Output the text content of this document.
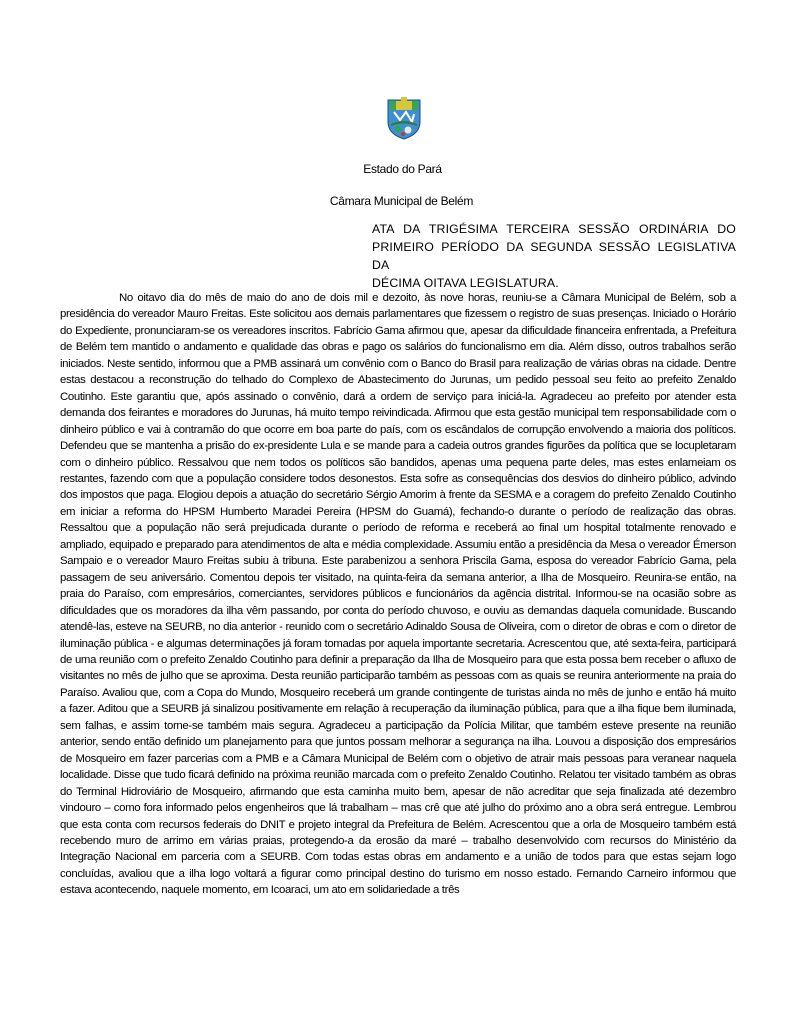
Estado do Pará
Câmara Municipal de Belém
ATA DA TRIGÉSIMA TERCEIRA SESSÃO ORDINÁRIA DO
PRIMEIRO PERÍODO DA SEGUNDA SESSÃO LEGISLATIVA DA
DÉCIMA OITAVA LEGISLATURA.

No oitavo dia do mês de maio do ano de dois mil e dezoito, às nove horas, reuniu-se a Câmara Municipal de Belém, sob a presidência do vereador Mauro Freitas. Este solicitou aos demais parlamentares que fizessem o registro de suas presenças. Iniciado o Horário do Expediente, pronunciaram-se os vereadores inscritos. Fabrício Gama afirmou que, apesar da dificuldade financeira enfrentada, a Prefeitura de Belém tem mantido o andamento e qualidade das obras e pago os salários do funcionalismo em dia. Além disso, outros trabalhos serão iniciados. Neste sentido, informou que a PMB assinará um convênio com o Banco do Brasil para realização de várias obras na cidade. Dentre estas destacou a reconstrução do telhado do Complexo de Abastecimento do Jurunas, um pedido pessoal seu feito ao prefeito Zenaldo Coutinho. Este garantiu que, após assinado o convênio, dará a ordem de serviço para iniciá-la. Agradeceu ao prefeito por atender esta demanda dos feirantes e moradores do Jurunas, há muito tempo reivindicada. Afirmou que esta gestão municipal tem responsabilidade com o dinheiro público e vai à contramão do que ocorre em boa parte do país, com os escândalos de corrupção envolvendo a maioria dos políticos. Defendeu que se mantenha a prisão do ex-presidente Lula e se mande para a cadeia outros grandes figurões da política que se locupletaram com o dinheiro público. Ressalvou que nem todos os políticos são bandidos, apenas uma pequena parte deles, mas estes enlameiam os restantes, fazendo com que a população considere todos desonestos. Esta sofre as consequências dos desvios do dinheiro público, advindo dos impostos que paga. Elogiou depois a atuação do secretário Sérgio Amorim à frente da SESMA e a coragem do prefeito Zenaldo Coutinho em iniciar a reforma do HPSM Humberto Maradei Pereira (HPSM do Guamá), fechando-o durante o período de realização das obras. Ressaltou que a população não será prejudicada durante o período de reforma e receberá ao final um hospital totalmente renovado e ampliado, equipado e preparado para atendimentos de alta e média complexidade. Assumiu então a presidência da Mesa o vereador Émerson Sampaio e o vereador Mauro Freitas subiu à tribuna. Este parabenizou a senhora Priscila Gama, esposa do vereador Fabrício Gama, pela passagem de seu aniversário. Comentou depois ter visitado, na quinta-feira da semana anterior, a Ilha de Mosqueiro. Reunira-se então, na praia do Paraíso, com empresários, comerciantes, servidores públicos e funcionários da agência distrital. Informou-se na ocasião sobre as dificuldades que os moradores da ilha vêm passando, por conta do período chuvoso, e ouviu as demandas daquela comunidade. Buscando atendê-las, esteve na SEURB, no dia anterior - reunido com o secretário Adinaldo Sousa de Oliveira, com o diretor de obras e com o diretor de iluminação pública - e algumas determinações já foram tomadas por aquela importante secretaria. Acrescentou que, até sexta-feira, participará de uma reunião com o prefeito Zenaldo Coutinho para definir a preparação da Ilha de Mosqueiro para que esta possa bem receber o afluxo de visitantes no mês de julho que se aproxima. Desta reunião participarão também as pessoas com as quais se reunira anteriormente na praia do Paraíso. Avaliou que, com a Copa do Mundo, Mosqueiro receberá um grande contingente de turistas ainda no mês de junho e então há muito a fazer. Aditou que a SEURB já sinalizou positivamente em relação à recuperação da iluminação pública, para que a ilha fique bem iluminada, sem falhas, e assim torne-se também mais segura. Agradeceu a participação da Polícia Militar, que também esteve presente na reunião anterior, sendo então definido um planejamento para que juntos possam melhorar a segurança na ilha. Louvou a disposição dos empresários de Mosqueiro em fazer parcerias com a PMB e a Câmara Municipal de Belém com o objetivo de atrair mais pessoas para veranear naquela localidade. Disse que tudo ficará definido na próxima reunião marcada com o prefeito Zenaldo Coutinho. Relatou ter visitado também as obras do Terminal Hidroviário de Mosqueiro, afirmando que esta caminha muito bem, apesar de não acreditar que seja finalizada até dezembro vindouro – como fora informado pelos engenheiros que lá trabalham – mas crê que até julho do próximo ano a obra será entregue. Lembrou que esta conta com recursos federais do DNIT e projeto integral da Prefeitura de Belém. Acrescentou que a orla de Mosqueiro também está recebendo muro de arrimo em várias praias, protegendo-a da erosão da maré – trabalho desenvolvido com recursos do Ministério da Integração Nacional em parceria com a SEURB. Com todas estas obras em andamento e a união de todos para que estas sejam logo concluídas, avaliou que a ilha logo voltará a figurar como principal destino do turismo em nosso estado. Fernando Carneiro informou que estava acontecendo, naquele momento, em Icoaraci, um ato em solidariedade a três
